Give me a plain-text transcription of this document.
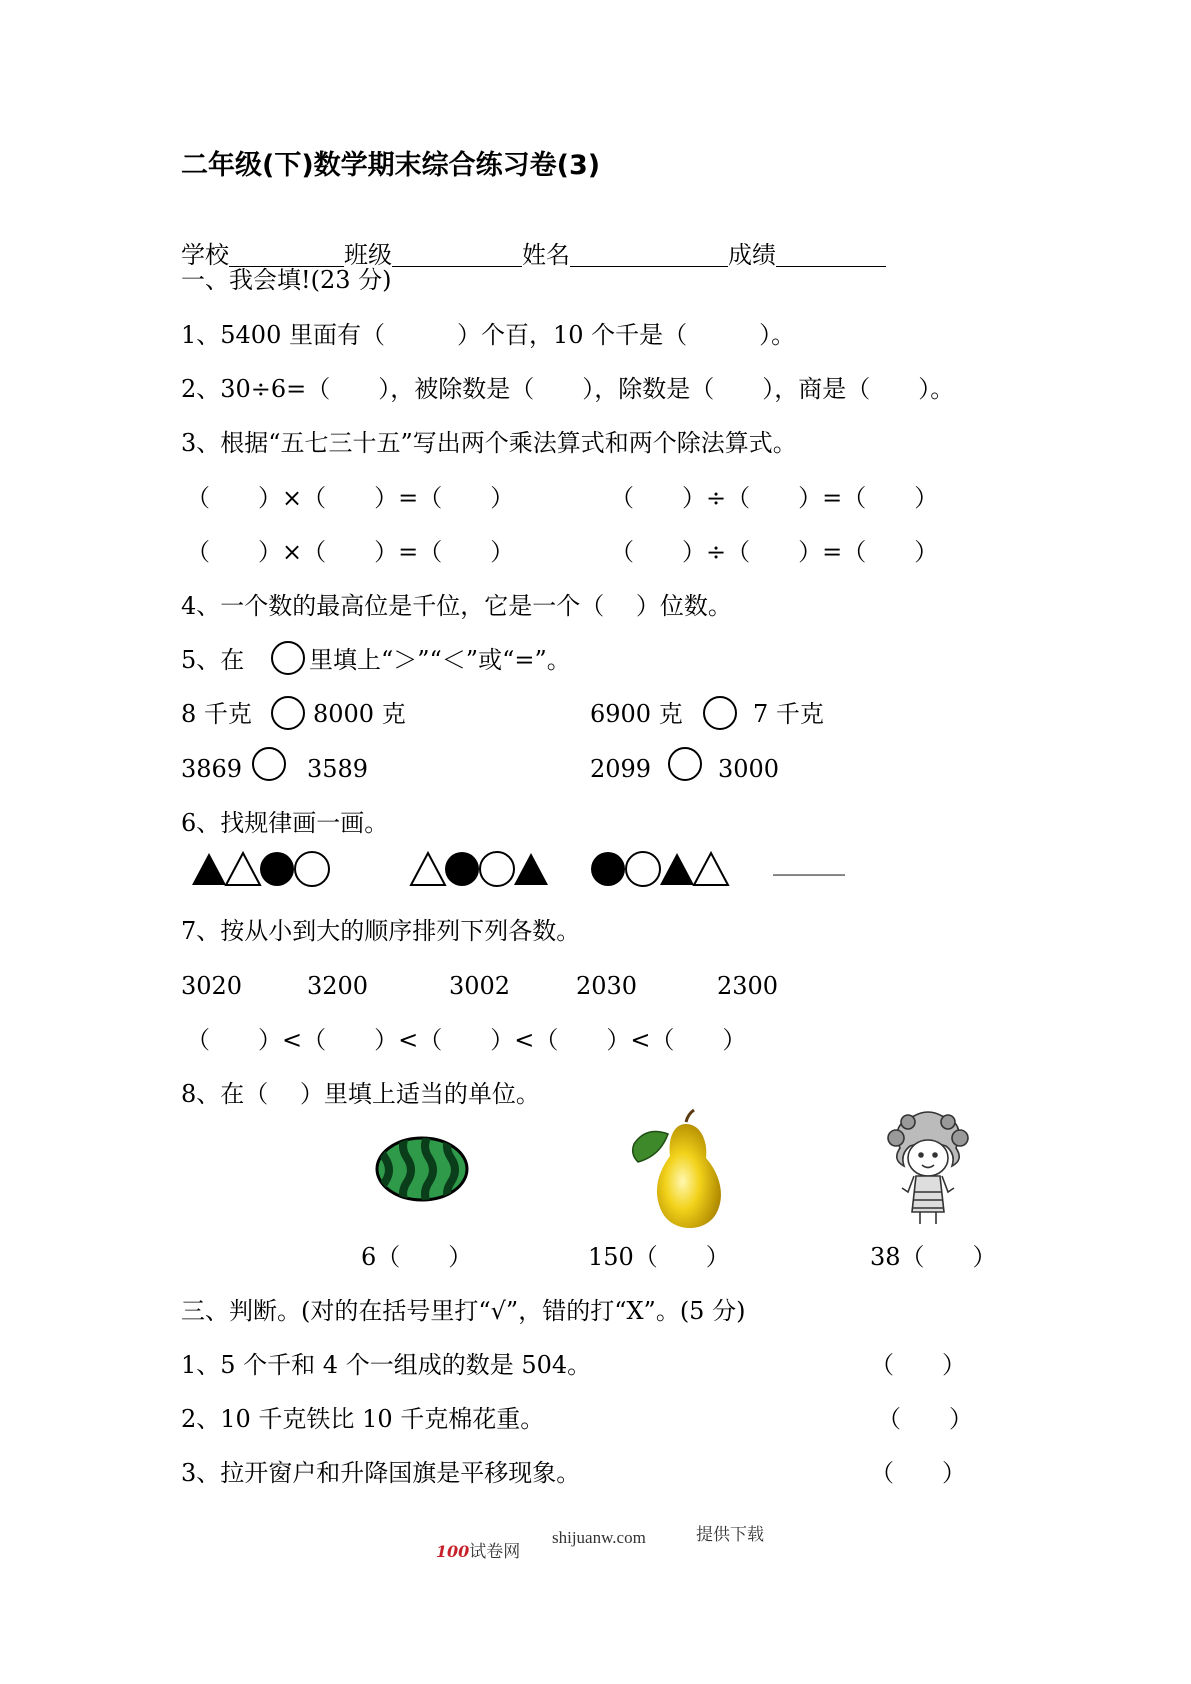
二年级(下)数学期末综合练习卷(3)

学校	班级	姓名	成绩

一、我会填!(23 分)
1、5400 里面有（　　　）个百，10 个千是（　　　）。
2、30÷6=（　　），被除数是（　　），除数是（　　），商是（　　）。
3、根据“五七三十五”写出两个乘法算式和两个除法算式。
（　　）×（　　）=（　　）	（　　）÷（　　）=（　　）
（　　）×（　　）=（　　）	（　　）÷（　　）=（　　）
4、一个数的最高位是千位，它是一个（　 ）位数。
5、在	里填上“＞”“＜”或“=”。
8 千克	8000 克	6900 克	7 千克
3869	3589	2099	3000
6、找规律画一画。
______
7、按从小到大的顺序排列下列各数。
3020	3200	3002	2030	2300
（　　）<（　　）<（　　）<（　　）<（　　）
8、在（　 ）里填上适当的单位。
6（　　）	150（　　）	38（　　）
三、判断。(对的在括号里打“√”，错的打“X”。(5 分)
1、5 个千和 4 个一组成的数是 504。	（　　）
2、10 千克铁比 10 千克棉花重。	（　　）
3、拉开窗户和升降国旗是平移现象。	（　　）

100试卷网

shijuanw.com	提供下载
